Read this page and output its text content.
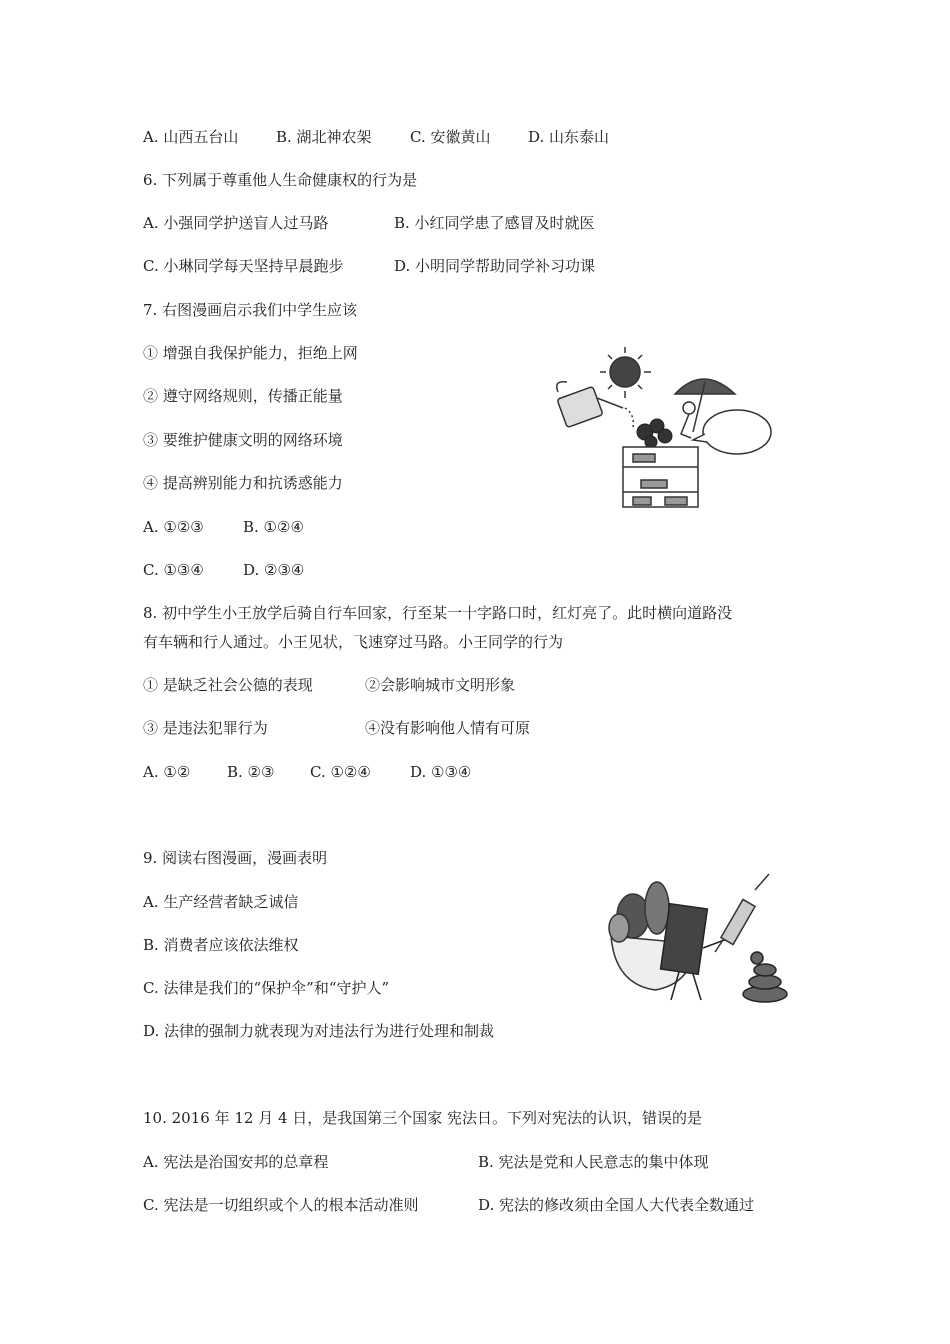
A. 山西五台山	B. 湖北神农架	C. 安徽黄山	D. 山东泰山
6. 下列属于尊重他人生命健康权的行为是
A. 小强同学护送盲人过马路	B. 小红同学患了感冒及时就医
C. 小琳同学每天坚持早晨跑步	D. 小明同学帮助同学补习功课
7. 右图漫画启示我们中学生应该
① 增强自我保护能力，拒绝上网
② 遵守网络规则，传播正能量
③ 要维护健康文明的网络环境
④ 提高辨别能力和抗诱惑能力
A. ①②③	B. ①②④
C. ①③④	D. ②③④
8. 初中学生小王放学后骑自行车回家，行至某一十字路口时，红灯亮了。此时横向道路没
有车辆和行人通过。小王见状，飞速穿过马路。小王同学的行为
① 是缺乏社会公德的表现	②会影响城市文明形象
③ 是违法犯罪行为	④没有影响他人情有可原
A. ①② B. ②③ C. ①②④	D. ①③④
9. 阅读右图漫画，漫画表明
A. 生产经营者缺乏诚信
B. 消费者应该依法维权
C. 法律是我们的“保护伞”和“守护人”
D. 法律的强制力就表现为对违法行为进行处理和制裁
10. 2016 年 12 月 4 日，是我国第三个国家 宪法日。下列对宪法的认识，错误的是
A. 宪法是治国安邦的总章程	B. 宪法是党和人民意志的集中体现
C. 宪法是一切组织或个人的根本活动准则	D. 宪法的修改须由全国人大代表全数通过
